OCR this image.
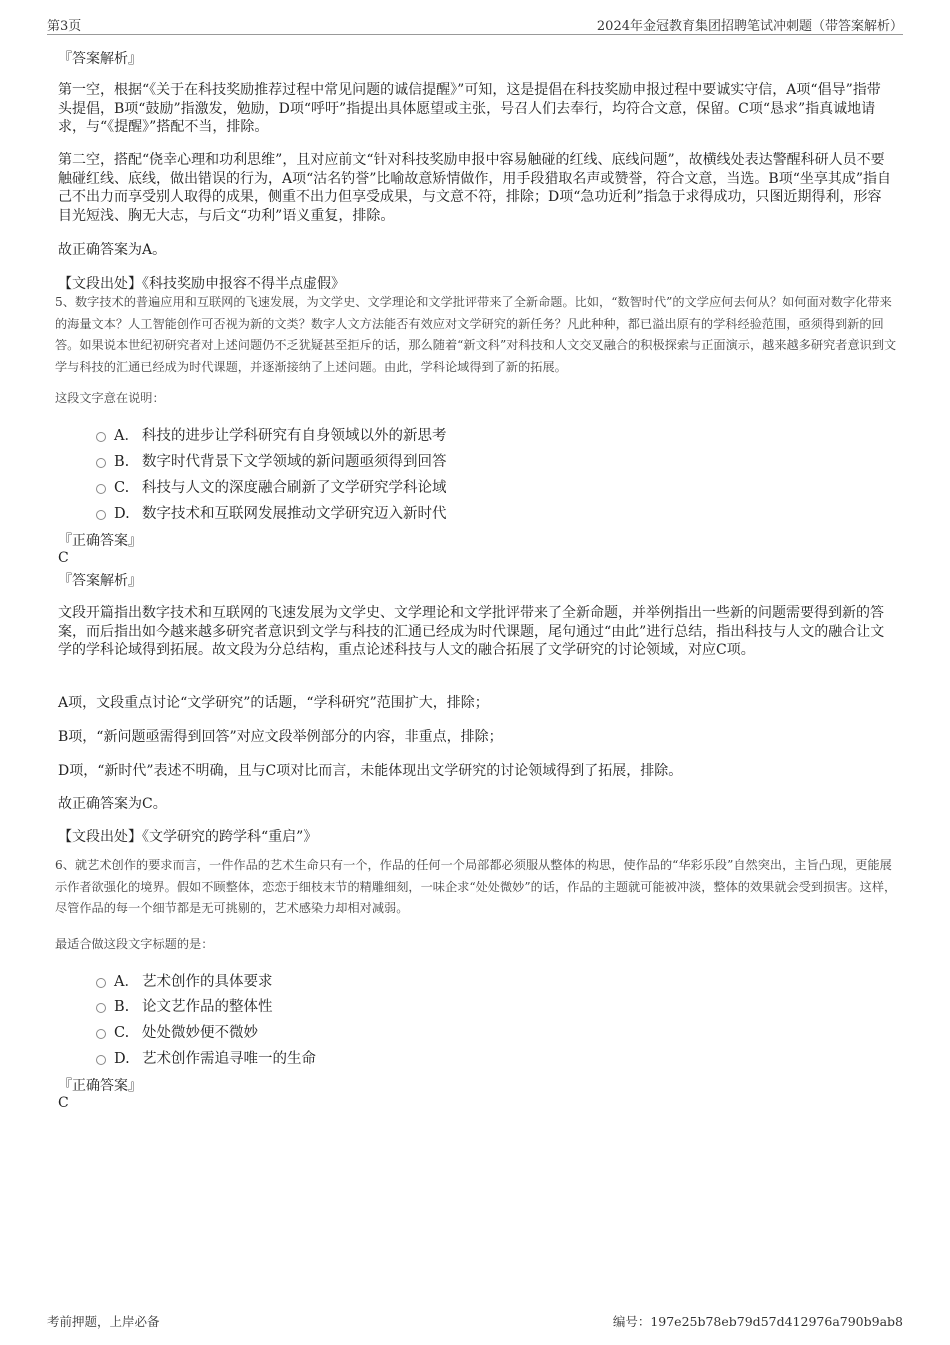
第3页	2024年金冠教育集团招聘笔试冲刺题（带答案解析）
『答案解析』

第一空，根据“《关于在科技奖励推荐过程中常见问题的诚信提醒》”可知，这是提倡在科技奖励申报过程中要诚实守信，A项“倡导”指带头提倡，B项“鼓励”指激发，勉励，D项“呼吁”指提出具体愿望或主张，号召人们去奉行，均符合文意，保留。C项“恳求”指真诚地请求，与“《提醒》”搭配不当，排除。

第二空，搭配“侥幸心理和功利思维”，且对应前文“针对科技奖励申报中容易触碰的红线、底线问题”，故横线处表达警醒科研人员不要触碰红线、底线，做出错误的行为，A项“沽名钓誉”比喻故意矫情做作，用手段猎取名声或赞誉，符合文意，当选。B项“坐享其成”指自己不出力而享受别人取得的成果，侧重不出力但享受成果，与文意不符，排除；D项“急功近利”指急于求得成功，只图近期得利，形容目光短浅、胸无大志，与后文“功利”语义重复，排除。

故正确答案为A。
【文段出处】《科技奖励申报容不得半点虚假》

5、数字技术的普遍应用和互联网的飞速发展，为文学史、文学理论和文学批评带来了全新命题。比如，“数智时代”的文学应何去何从？如何面对数字化带来的海量文本？人工智能创作可否视为新的文类？数字人文方法能否有效应对文学研究的新任务？凡此种种，都已溢出原有的学科经验范围，亟须得到新的回答。如果说本世纪初研究者对上述问题仍不乏犹疑甚至拒斥的话，那么随着“新文科”对科技和人文交叉融合的积极探索与正面演示，越来越多研究者意识到文学与科技的汇通已经成为时代课题，并逐渐接纳了上述问题。由此，学科论域得到了新的拓展。

这段文字意在说明：
A． 科技的进步让学科研究有自身领域以外的新思考
B. 数字时代背景下文学领域的新问题亟须得到回答
C. 科技与人文的深度融合刷新了文学研究学科论域
D. 数字技术和互联网发展推动文学研究迈入新时代
『正确答案』
C
『答案解析』

文段开篇指出数字技术和互联网的飞速发展为文学史、文学理论和文学批评带来了全新命题，并举例指出一些新的问题需要得到新的答案，而后指出如今越来越多研究者意识到文学与科技的汇通已经成为时代课题，尾句通过“由此”进行总结，指出科技与人文的融合让文学的学科论域得到拓展。故文段为分总结构，重点论述科技与人文的融合拓展了文学研究的讨论领域，对应C项。

A项，文段重点讨论“文学研究”的话题，“学科研究”范围扩大，排除；
B项，“新问题亟需得到回答”对应文段举例部分的内容，非重点，排除；
D项，“新时代”表述不明确，且与C项对比而言，未能体现出文学研究的讨论领域得到了拓展，排除。
故正确答案为C。
【文段出处】《文学研究的跨学科“重启”》

6、就艺术创作的要求而言，一件作品的艺术生命只有一个，作品的任何一个局部都必须服从整体的构思，使作品的“华彩乐段”自然突出，主旨凸现，更能展示作者欲强化的境界。假如不顾整体，恋恋于细枝末节的精雕细刻，一味企求“处处微妙”的话，作品的主题就可能被冲淡，整体的效果就会受到损害。这样，尽管作品的每一个细节都是无可挑剔的，艺术感染力却相对减弱。

最适合做这段文字标题的是：
A． 艺术创作的具体要求
B. 论文艺作品的整体性
C. 处处微妙便不微妙
D. 艺术创作需追寻唯一的生命
『正确答案』
C
考前押题，上岸必备	编号：197e25b78eb79d57d412976a790b9ab8
